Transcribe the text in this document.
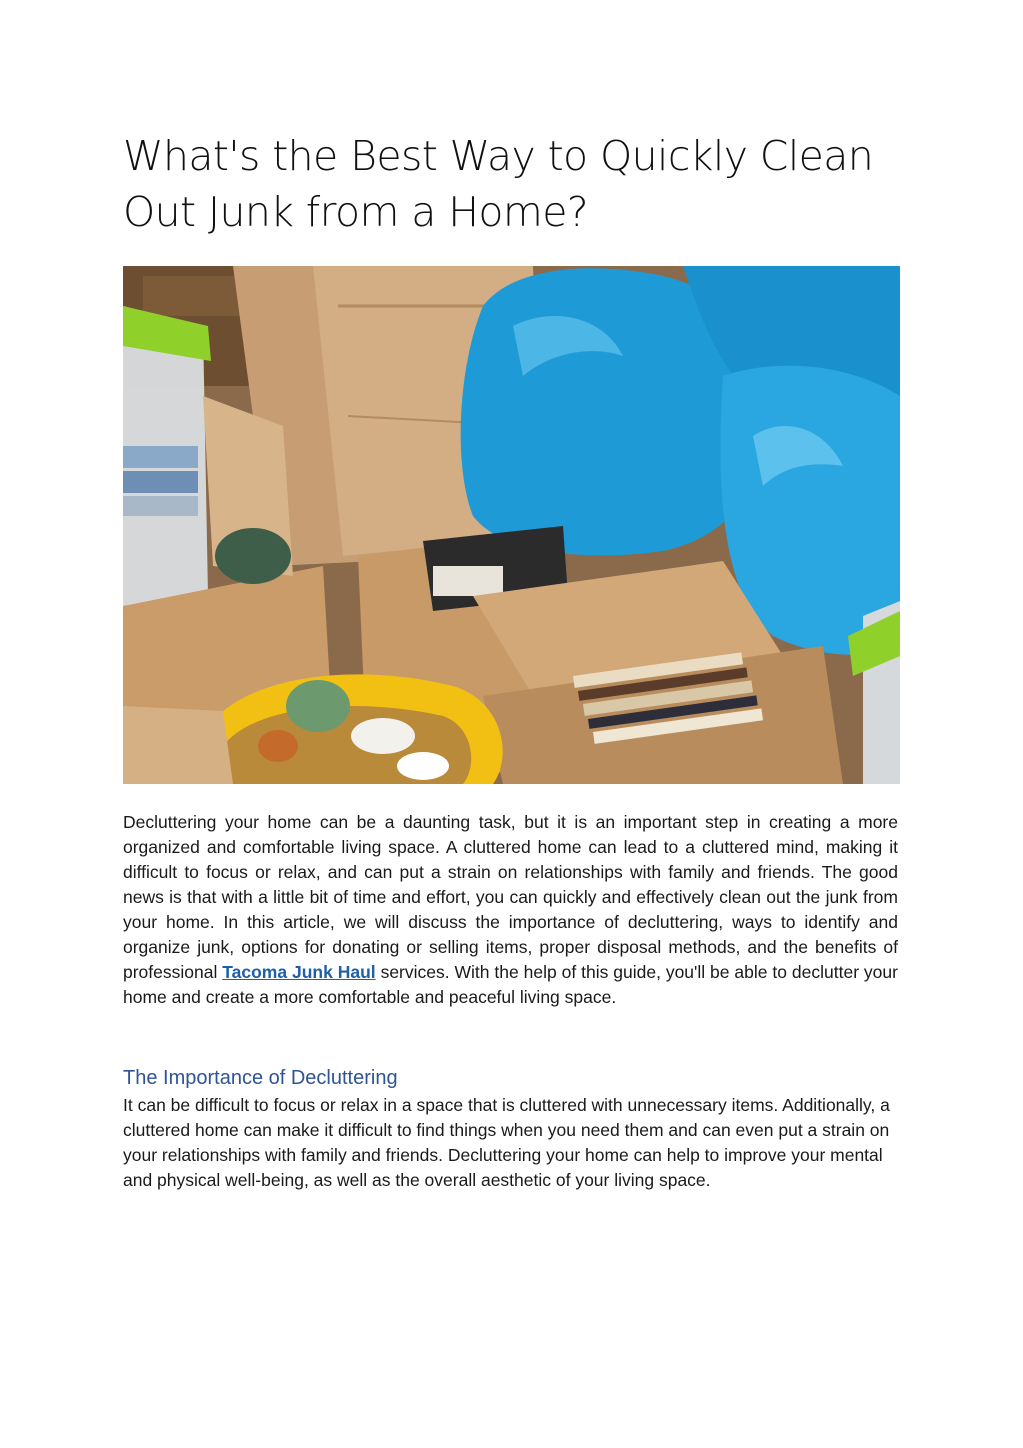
What's the Best Way to Quickly Clean Out Junk from a Home?

Decluttering your home can be a daunting task, but it is an important step in creating a more organized and comfortable living space. A cluttered home can lead to a cluttered mind, making it difficult to focus or relax, and can put a strain on relationships with family and friends. The good news is that with a little bit of time and effort, you can quickly and effectively clean out the junk from your home. In this article, we will discuss the importance of decluttering, ways to identify and organize junk, options for donating or selling items, proper disposal methods, and the benefits of professional Tacoma Junk Haul services. With the help of this guide, you'll be able to declutter your home and create a more comfortable and peaceful living space.

The Importance of Decluttering

It can be difficult to focus or relax in a space that is cluttered with unnecessary items. Additionally, a cluttered home can make it difficult to find things when you need them and can even put a strain on your relationships with family and friends. Decluttering your home can help to improve your mental and physical well-being, as well as the overall aesthetic of your living space.
